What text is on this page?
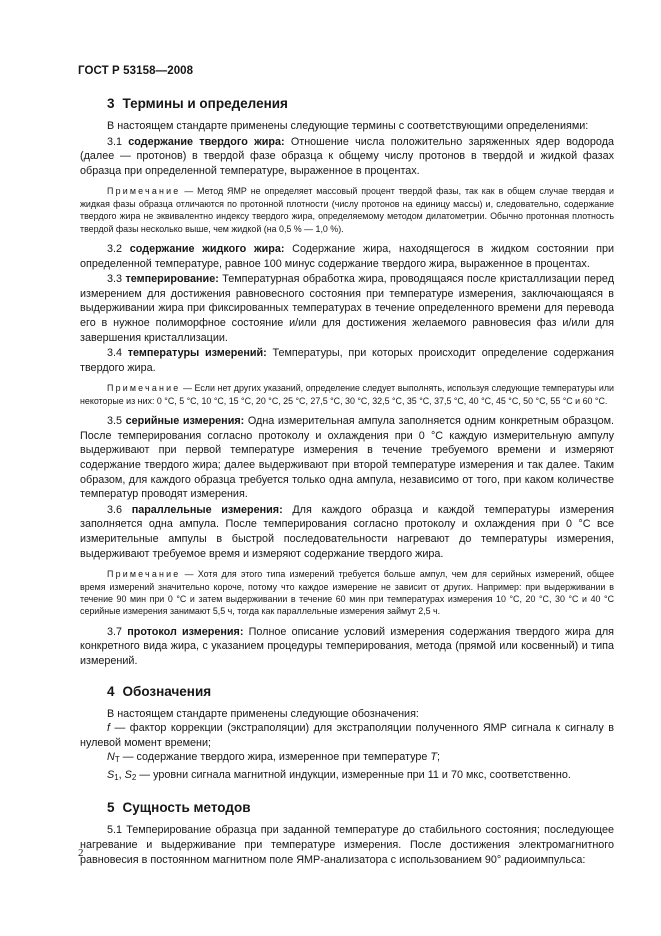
ГОСТ Р 53158—2008
3 Термины и определения

В настоящем стандарте применены следующие термины с соответствующими определениями:

3.1 содержание твердого жира: Отношение числа положительно заряженных ядер водорода (далее — протонов) в твердой фазе образца к общему числу протонов в твердой и жидкой фазах образца при определенной температуре, выраженное в процентах.

Примечание — Метод ЯМР не определяет массовый процент твердой фазы, так как в общем случае твердая и жидкая фазы образца отличаются по протонной плотности (числу протонов на единицу массы) и, следовательно, содержание твердого жира не эквивалентно индексу твердого жира, определяемому методом дилатометрии. Обычно протонная плотность твердой фазы несколько выше, чем жидкой (на 0,5 % — 1,0 %).

3.2 содержание жидкого жира: Содержание жира, находящегося в жидком состоянии при определенной температуре, равное 100 минус содержание твердого жира, выраженное в процентах.

3.3 темперирование: Температурная обработка жира, проводящаяся после кристаллизации перед измерением для достижения равновесного состояния при температуре измерения, заключающаяся в выдерживании жира при фиксированных температурах в течение определенного времени для перевода его в нужное полиморфное состояние и/или для достижения желаемого равновесия фаз и/или для завершения кристаллизации.

3.4 температуры измерений: Температуры, при которых происходит определение содержания твердого жира.

Примечание — Если нет других указаний, определение следует выполнять, используя следующие температуры или некоторые из них: 0 °C, 5 °C, 10 °C, 15 °C, 20 °C, 25 °C, 27,5 °C, 30 °C, 32,5 °C, 35 °C, 37,5 °C, 40 °C, 45 °C, 50 °C, 55 °C и 60 °C.

3.5 серийные измерения: Одна измерительная ампула заполняется одним конкретным образцом. После темперирования согласно протоколу и охлаждения при 0 °C каждую измерительную ампулу выдерживают при первой температуре измерения в течение требуемого времени и измеряют содержание твердого жира; далее выдерживают при второй температуре измерения и так далее. Таким образом, для каждого образца требуется только одна ампула, независимо от того, при каком количестве температур проводят измерения.

3.6 параллельные измерения: Для каждого образца и каждой температуры измерения заполняется одна ампула. После темперирования согласно протоколу и охлаждения при 0 °C все измерительные ампулы в быстрой последовательности нагревают до температуры измерения, выдерживают требуемое время и измеряют содержание твердого жира.

Примечание — Хотя для этого типа измерений требуется больше ампул, чем для серийных измерений, общее время измерений значительно короче, потому что каждое измерение не зависит от других. Например: при выдерживании в течение 90 мин при 0 °C и затем выдерживании в течение 60 мин при температурах измерения 10 °C, 20 °C, 30 °C и 40 °C серийные измерения занимают 5,5 ч, тогда как параллельные измерения займут 2,5 ч.

3.7 протокол измерения: Полное описание условий измерения содержания твердого жира для конкретного вида жира, с указанием процедуры темперирования, метода (прямой или косвенный) и типа измерений.

4 Обозначения

В настоящем стандарте применены следующие обозначения:

f — фактор коррекции (экстраполяции) для экстраполяции полученного ЯМР сигнала к сигналу в нулевой момент времени;

$N_T$ — содержание твердого жира, измеренное при температуре T;

$S_1$, $S_2$ — уровни сигнала магнитной индукции, измеренные при 11 и 70 мкс, соответственно.

5 Сущность методов

5.1 Темперирование образца при заданной температуре до стабильного состояния; последующее нагревание и выдерживание при температуре измерения. После достижения электромагнитного равновесия в постоянном магнитном поле ЯМР-анализатора с использованием 90° радиоимпульса:

2
